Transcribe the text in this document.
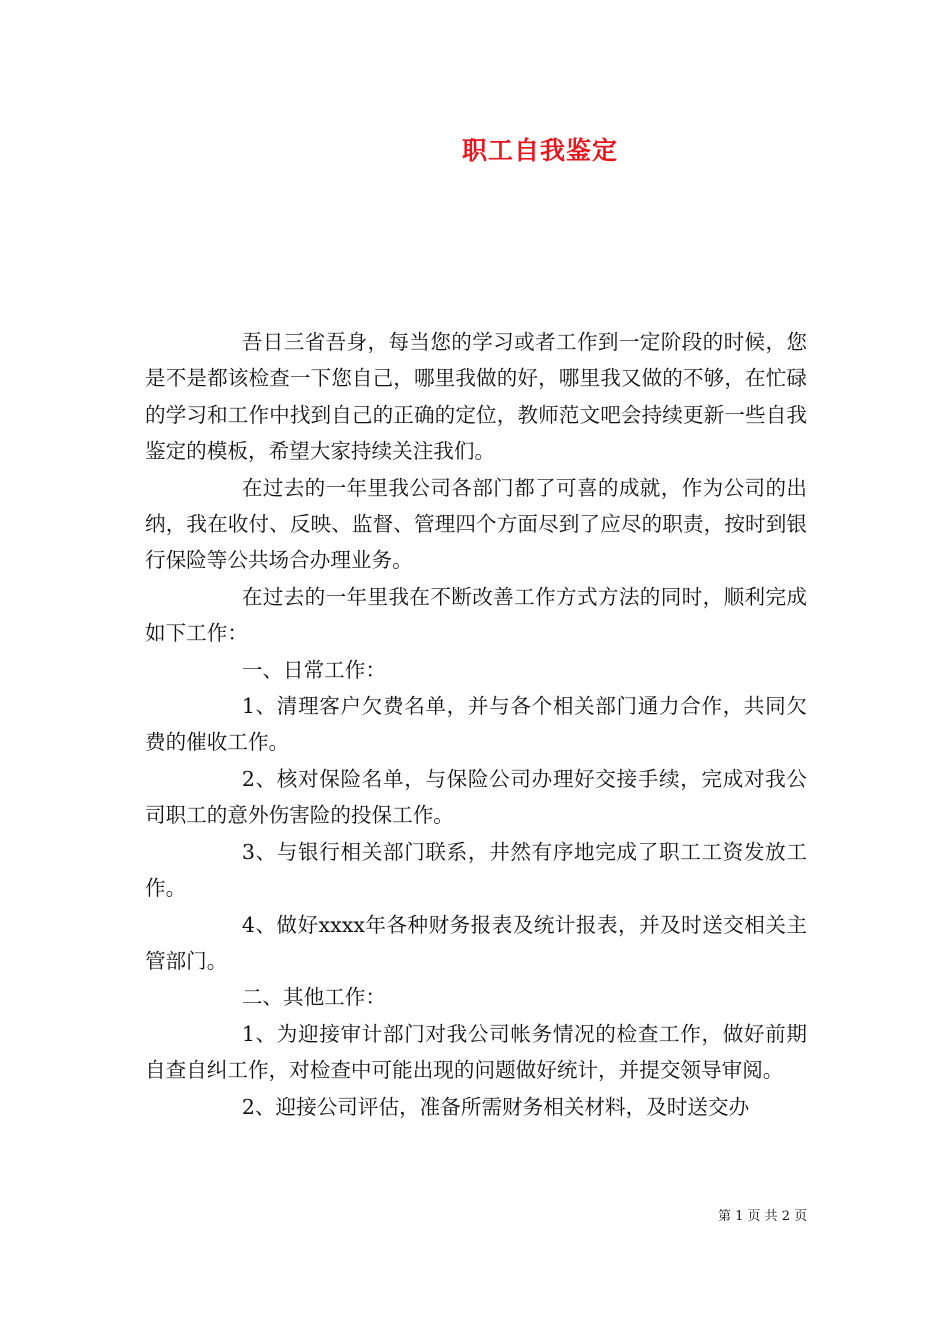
职工自我鉴定

吾日三省吾身，每当您的学习或者工作到一定阶段的时候，您是不是都该检查一下您自己，哪里我做的好，哪里我又做的不够，在忙碌的学习和工作中找到自己的正确的定位，教师范文吧会持续更新一些自我鉴定的模板，希望大家持续关注我们。

在过去的一年里我公司各部门都了可喜的成就，作为公司的出纳，我在收付、反映、监督、管理四个方面尽到了应尽的职责，按时到银行保险等公共场合办理业务。

在过去的一年里我在不断改善工作方式方法的同时，顺利完成如下工作：

一、日常工作：

1、清理客户欠费名单，并与各个相关部门通力合作，共同欠费的催收工作。

2、核对保险名单，与保险公司办理好交接手续，完成对我公司职工的意外伤害险的投保工作。

3、与银行相关部门联系，井然有序地完成了职工工资发放工作。

4、做好xxxx年各种财务报表及统计报表，并及时送交相关主管部门。

二、其他工作：

1、为迎接审计部门对我公司帐务情况的检查工作，做好前期自查自纠工作，对检查中可能出现的问题做好统计，并提交领导审阅。

2、迎接公司评估，准备所需财务相关材料，及时送交办

第 1 页 共 2 页
